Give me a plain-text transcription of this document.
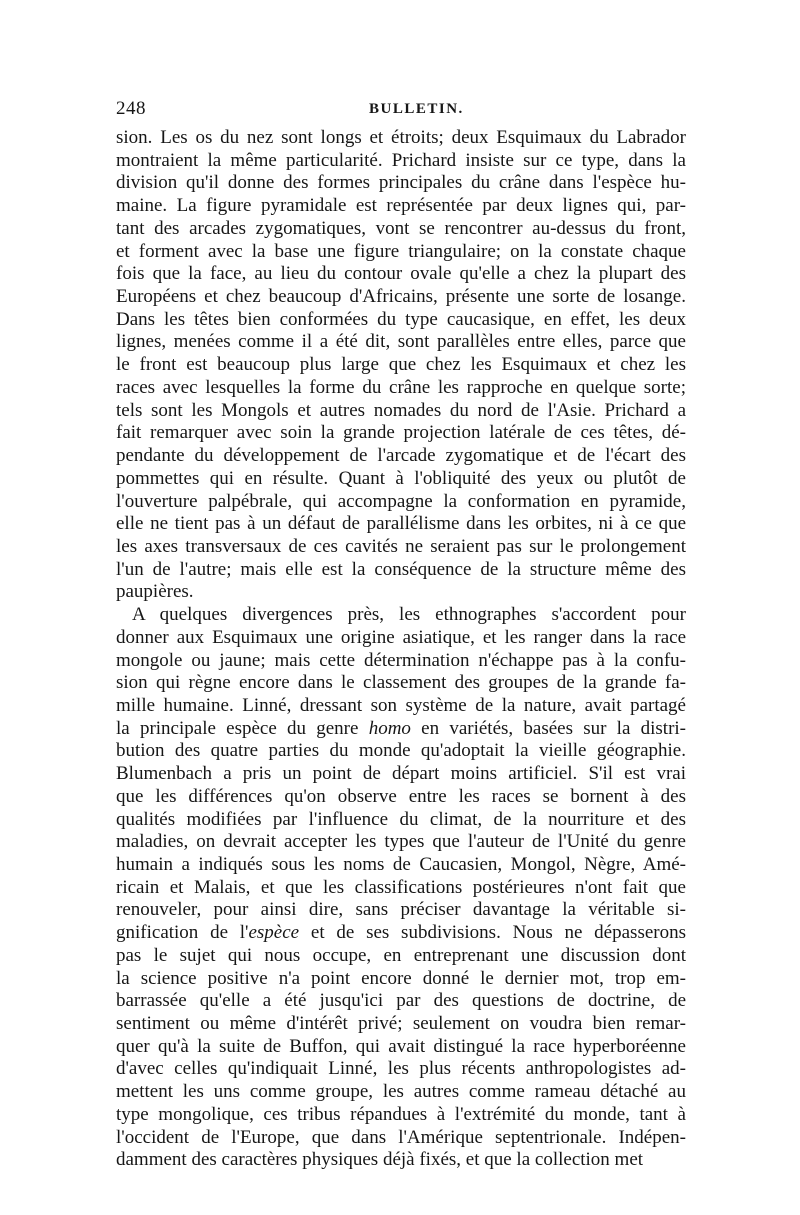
248	BULLETIN.
sion. Les os du nez sont longs et étroits; deux Esquimaux du Labrador
montraient la même particularité. Prichard insiste sur ce type, dans la
division qu'il donne des formes principales du crâne dans l'espèce hu-
maine. La figure pyramidale est représentée par deux lignes qui, par-
tant des arcades zygomatiques, vont se rencontrer au-dessus du front,
et forment avec la base une figure triangulaire; on la constate chaque
fois que la face, au lieu du contour ovale qu'elle a chez la plupart des
Européens et chez beaucoup d'Africains, présente une sorte de losange.
Dans les têtes bien conformées du type caucasique, en effet, les deux
lignes, menées comme il a été dit, sont parallèles entre elles, parce que
le front est beaucoup plus large que chez les Esquimaux et chez les
races avec lesquelles la forme du crâne les rapproche en quelque sorte;
tels sont les Mongols et autres nomades du nord de l'Asie. Prichard a
fait remarquer avec soin la grande projection latérale de ces têtes, dé-
pendante du développement de l'arcade zygomatique et de l'écart des
pommettes qui en résulte. Quant à l'obliquité des yeux ou plutôt de
l'ouverture palpébrale, qui accompagne la conformation en pyramide,
elle ne tient pas à un défaut de parallélisme dans les orbites, ni à ce que
les axes transversaux de ces cavités ne seraient pas sur le prolongement
l'un de l'autre; mais elle est la conséquence de la structure même des
paupières.
A quelques divergences près, les ethnographes s'accordent pour
donner aux Esquimaux une origine asiatique, et les ranger dans la race
mongole ou jaune; mais cette détermination n'échappe pas à la confu-
sion qui règne encore dans le classement des groupes de la grande fa-
mille humaine. Linné, dressant son système de la nature, avait partagé
la principale espèce du genre homo en variétés, basées sur la distri-
bution des quatre parties du monde qu'adoptait la vieille géographie.
Blumenbach a pris un point de départ moins artificiel. S'il est vrai
que les différences qu'on observe entre les races se bornent à des
qualités modifiées par l'influence du climat, de la nourriture et des
maladies, on devrait accepter les types que l'auteur de l'Unité du genre
humain a indiqués sous les noms de Caucasien, Mongol, Nègre, Amé-
ricain et Malais, et que les classifications postérieures n'ont fait que
renouveler, pour ainsi dire, sans préciser davantage la véritable si-
gnification de l'espèce et de ses subdivisions. Nous ne dépasserons
pas le sujet qui nous occupe, en entreprenant une discussion dont
la science positive n'a point encore donné le dernier mot, trop em-
barrassée qu'elle a été jusqu'ici par des questions de doctrine, de
sentiment ou même d'intérêt privé; seulement on voudra bien remar-
quer qu'à la suite de Buffon, qui avait distingué la race hyperboréenne
d'avec celles qu'indiquait Linné, les plus récents anthropologistes ad-
mettent les uns comme groupe, les autres comme rameau détaché au
type mongolique, ces tribus répandues à l'extrémité du monde, tant à
l'occident de l'Europe, que dans l'Amérique septentrionale. Indépen-
damment des caractères physiques déjà fixés, et que la collection met
